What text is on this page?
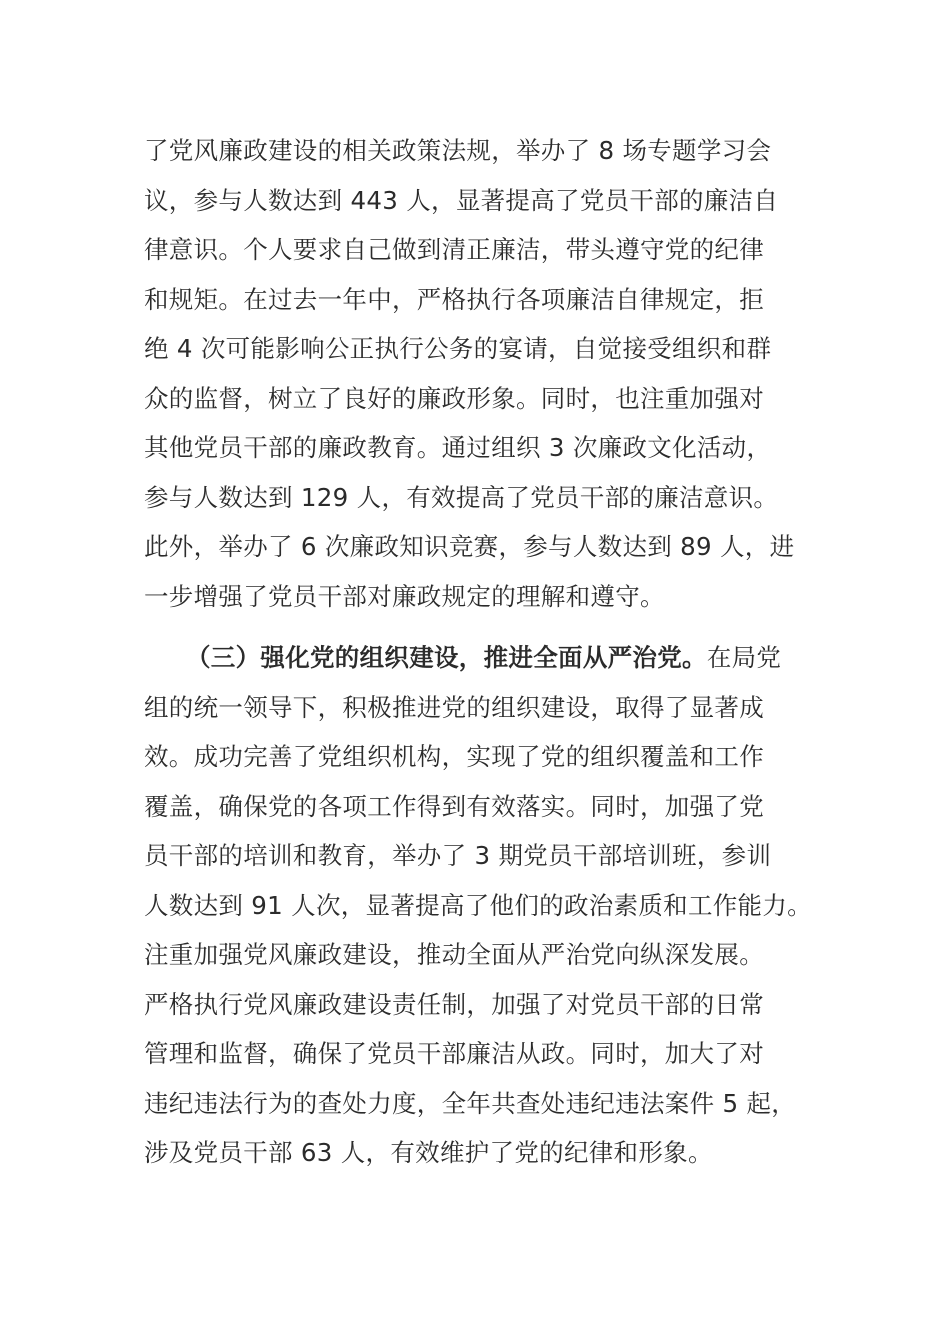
了党风廉政建设的相关政策法规，举办了 8 场专题学习会
议，参与人数达到 443 人，显著提高了党员干部的廉洁自
律意识。个人要求自己做到清正廉洁，带头遵守党的纪律
和规矩。在过去一年中，严格执行各项廉洁自律规定，拒
绝 4 次可能影响公正执行公务的宴请，自觉接受组织和群
众的监督，树立了良好的廉政形象。同时，也注重加强对
其他党员干部的廉政教育。通过组织 3 次廉政文化活动，
参与人数达到 129 人，有效提高了党员干部的廉洁意识。
此外，举办了 6 次廉政知识竞赛，参与人数达到 89 人，进
一步增强了党员干部对廉政规定的理解和遵守。
（三）强化党的组织建设，推进全面从严治党。在局党
组的统一领导下，积极推进党的组织建设，取得了显著成
效。成功完善了党组织机构，实现了党的组织覆盖和工作
覆盖，确保党的各项工作得到有效落实。同时，加强了党
员干部的培训和教育，举办了 3 期党员干部培训班，参训
人数达到 91 人次，显著提高了他们的政治素质和工作能力。
注重加强党风廉政建设，推动全面从严治党向纵深发展。
严格执行党风廉政建设责任制，加强了对党员干部的日常
管理和监督，确保了党员干部廉洁从政。同时，加大了对
违纪违法行为的查处力度，全年共查处违纪违法案件 5 起，
涉及党员干部 63 人，有效维护了党的纪律和形象。
